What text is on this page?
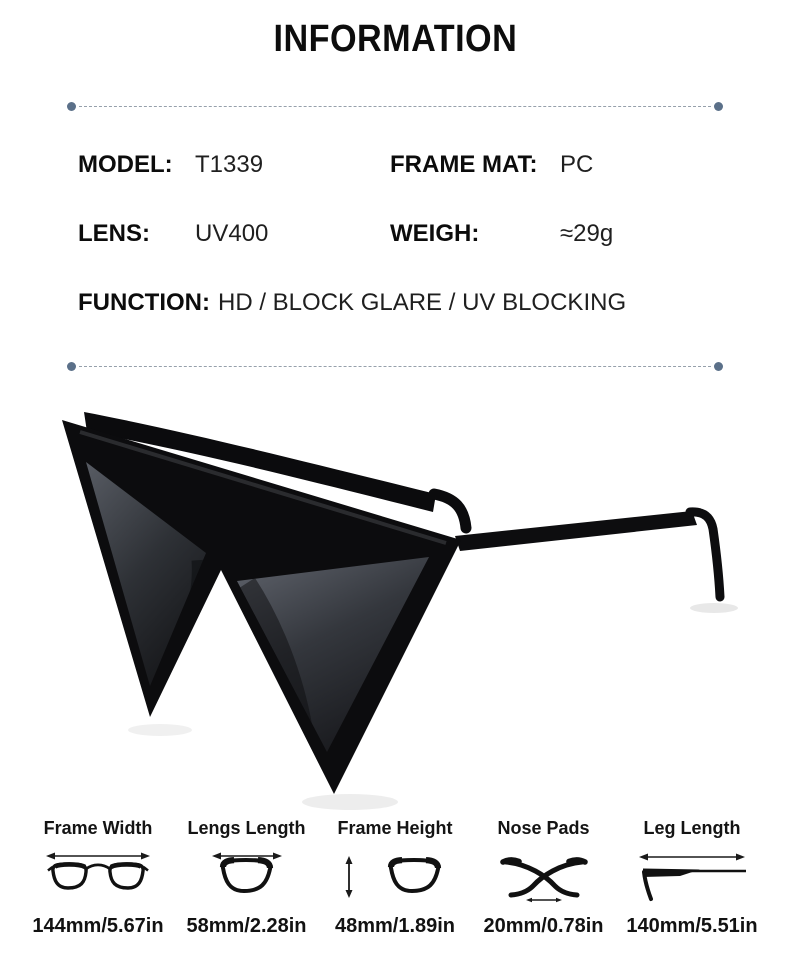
INFORMATION
MODEL: T1339	FRAME MAT: PC
LENS:	UV400	WEIGH:	≈29g
FUNCTION: HD / BLOCK GLARE / UV BLOCKING
Frame Width
144mm/5.67in
Lengs Length
58mm/2.28in
Frame Height
48mm/1.89in
Nose Pads
20mm/0.78in
Leg Length
140mm/5.51in
